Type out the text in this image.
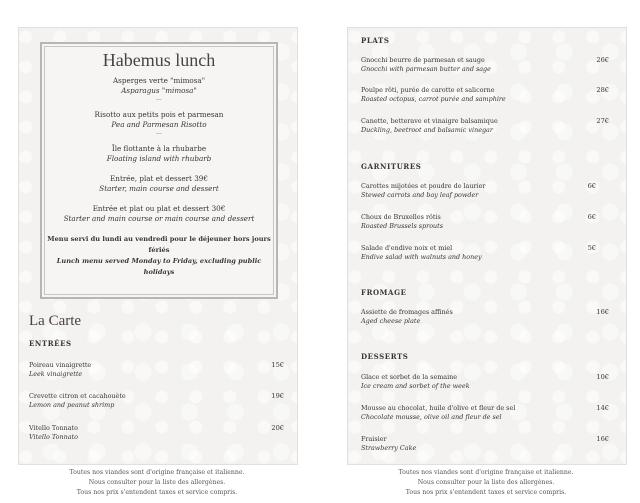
Habemus lunch
Asperges verte "mimosa"
Asparagus "mimosa"
—
Risotto aux petits pois et parmesan
Pea and Parmesan Risotto
—
Île flottante à la rhubarbe
Floating island with rhubarb
Entrée, plat et dessert 39€
Starter, main course and dessert
Entrée et plat ou plat et dessert 30€
Starter and main course or main course and dessert
Menu servi du lundi au vendredi pour le déjeuner hors jours fériés
Lunch menu served Monday to Friday, excluding public holidays
La Carte
ENTRÉES
Poireau vinaigrette
Leek vinaigrette
15€
Crevette citron et cacahouète
Lemon and peanut shrimp
19€
Vitello Tonnato
Vitello Tonnato
20€
PLATS
Gnocchi beurre de parmesan et sauge
Gnocchi with parmesan butter and sage
26€
Poulpe rôti, purée de carotte et salicorne
Roasted octopus, carrot purée and samphire
28€
Canette, betterave et vinaigre balsamique
Duckling, beetroot and balsamic vinegar
27€
GARNITURES
Carottes mijotées et poudre de laurier
Stewed carrots and bay leaf powder
6€
Choux de Bruxelles rôtis
Roasted Brussels sprouts
6€
Salade d'endive noix et miel
Endive salad with walnuts and honey
5€
FROMAGE
Assiette de fromages affinés
Aged cheese plate
16€
DESSERTS
Glace et sorbet de la semaine
Ice cream and sorbet of the week
10€
Mousse au chocolat, huile d'olive et fleur de sel
Chocolate mousse, olive oil and fleur de sel
14€
Fraisier
Strawberry Cake
16€
Toutes nos viandes sont d'origine française et italienne.
Nous consulter pour la liste des allergènes.
Tous nos prix s'entendent taxes et service compris.
Toutes nos viandes sont d'origine française et italienne.
Nous consulter pour la liste des allergènes.
Tous nos prix s'entendent taxes et service compris.
